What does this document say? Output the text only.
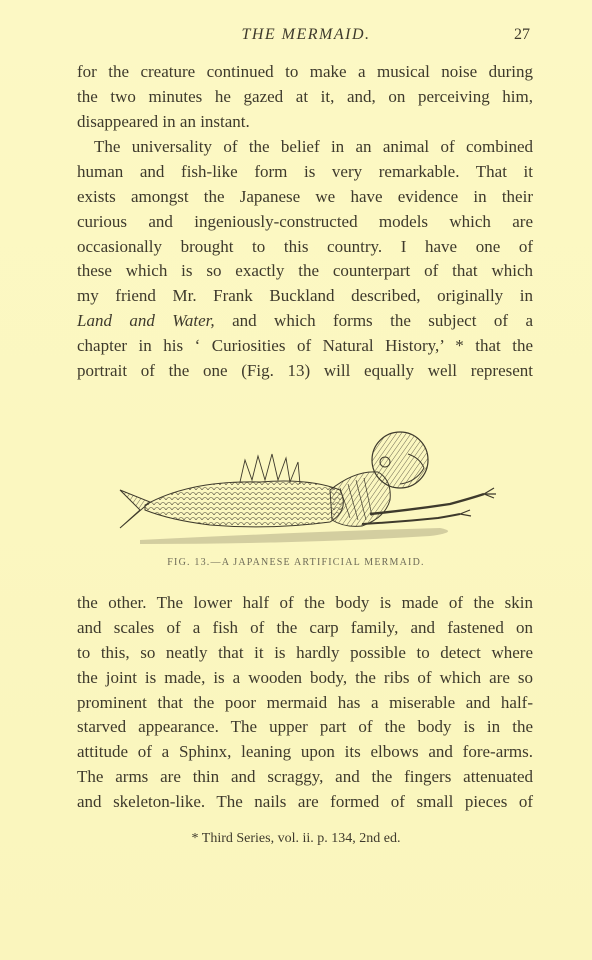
THE MERMAID.	27
for the creature continued to make a musical noise during
the two minutes he gazed at it, and, on perceiving him,
disappeared in an instant.
The universality of the belief in an animal of combined
human and fish-like form is very remarkable. That it
exists amongst the Japanese we have evidence in their
curious and ingeniously-constructed models which are
occasionally brought to this country. I have one of
these which is so exactly the counterpart of that which
my friend Mr. Frank Buckland described, originally in
Land and Water, and which forms the subject of a
chapter in his ‘ Curiosities of Natural History,’ * that the
portrait of the one (Fig. 13) will equally well represent
FIG. 13.—A JAPANESE ARTIFICIAL MERMAID.
the other. The lower half of the body is made of the skin
and scales of a fish of the carp family, and fastened on
to this, so neatly that it is hardly possible to detect where
the joint is made, is a wooden body, the ribs of which are so
prominent that the poor mermaid has a miserable and half-
starved appearance. The upper part of the body is in the
attitude of a Sphinx, leaning upon its elbows and fore-arms.
The arms are thin and scraggy, and the fingers attenuated
and skeleton-like. The nails are formed of small pieces of
* Third Series, vol. ii. p. 134, 2nd ed.
